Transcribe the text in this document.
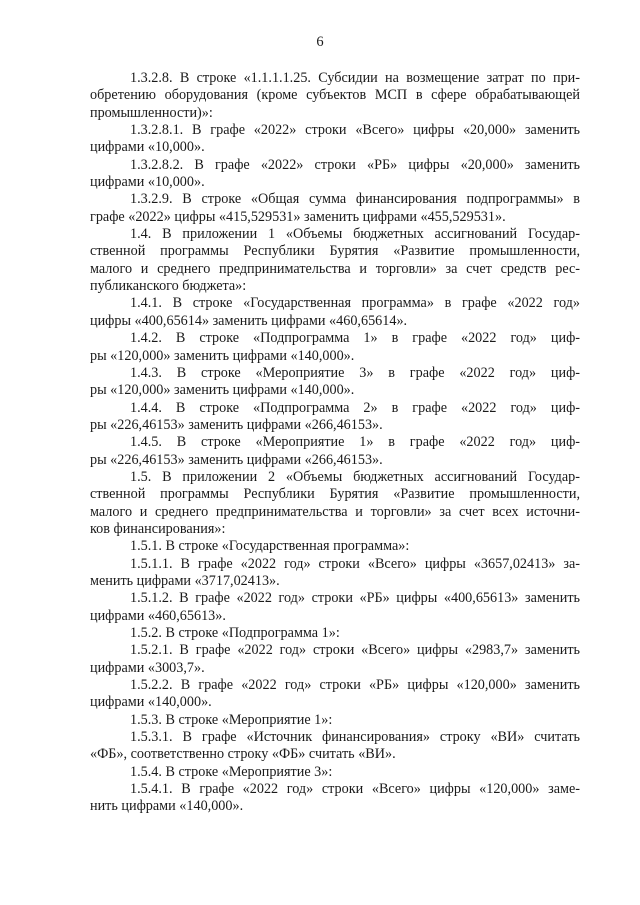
6
1.3.2.8. В строке «1.1.1.1.25. Субсидии на возмещение затрат по при-
обретению оборудования (кроме субъектов МСП в сфере обрабатывающей
промышленности)»:
1.3.2.8.1. В графе «2022» строки «Всего» цифры «20,000» заменить
цифрами «10,000».
1.3.2.8.2. В графе «2022» строки «РБ» цифры «20,000» заменить
цифрами «10,000».
1.3.2.9. В строке «Общая сумма финансирования подпрограммы» в
графе «2022» цифры «415,529531» заменить цифрами «455,529531».
1.4. В приложении 1 «Объемы бюджетных ассигнований Государ-
ственной программы Республики Бурятия «Развитие промышленности,
малого и среднего предпринимательства и торговли» за счет средств рес-
публиканского бюджета»:
1.4.1. В строке «Государственная программа» в графе «2022 год»
цифры «400,65614» заменить цифрами «460,65614».
1.4.2. В строке «Подпрограмма 1» в графе «2022 год» циф-
ры «120,000» заменить цифрами «140,000».
1.4.3. В строке «Мероприятие 3» в графе «2022 год» циф-
ры «120,000» заменить цифрами «140,000».
1.4.4. В строке «Подпрограмма 2» в графе «2022 год» циф-
ры «226,46153» заменить цифрами «266,46153».
1.4.5. В строке «Мероприятие 1» в графе «2022 год» циф-
ры «226,46153» заменить цифрами «266,46153».
1.5. В приложении 2 «Объемы бюджетных ассигнований Государ-
ственной программы Республики Бурятия «Развитие промышленности,
малого и среднего предпринимательства и торговли» за счет всех источни-
ков финансирования»:
1.5.1. В строке «Государственная программа»:
1.5.1.1. В графе «2022 год» строки «Всего» цифры «3657,02413» за-
менить цифрами «3717,02413».
1.5.1.2. В графе «2022 год» строки «РБ» цифры «400,65613» заменить
цифрами «460,65613».
1.5.2. В строке «Подпрограмма 1»:
1.5.2.1. В графе «2022 год» строки «Всего» цифры «2983,7» заменить
цифрами «3003,7».
1.5.2.2. В графе «2022 год» строки «РБ» цифры «120,000» заменить
цифрами «140,000».
1.5.3. В строке «Мероприятие 1»:
1.5.3.1. В графе «Источник финансирования» строку «ВИ» считать
«ФБ», соответственно строку «ФБ» считать «ВИ».
1.5.4. В строке «Мероприятие 3»:
1.5.4.1. В графе «2022 год» строки «Всего» цифры «120,000» заме-
нить цифрами «140,000».
